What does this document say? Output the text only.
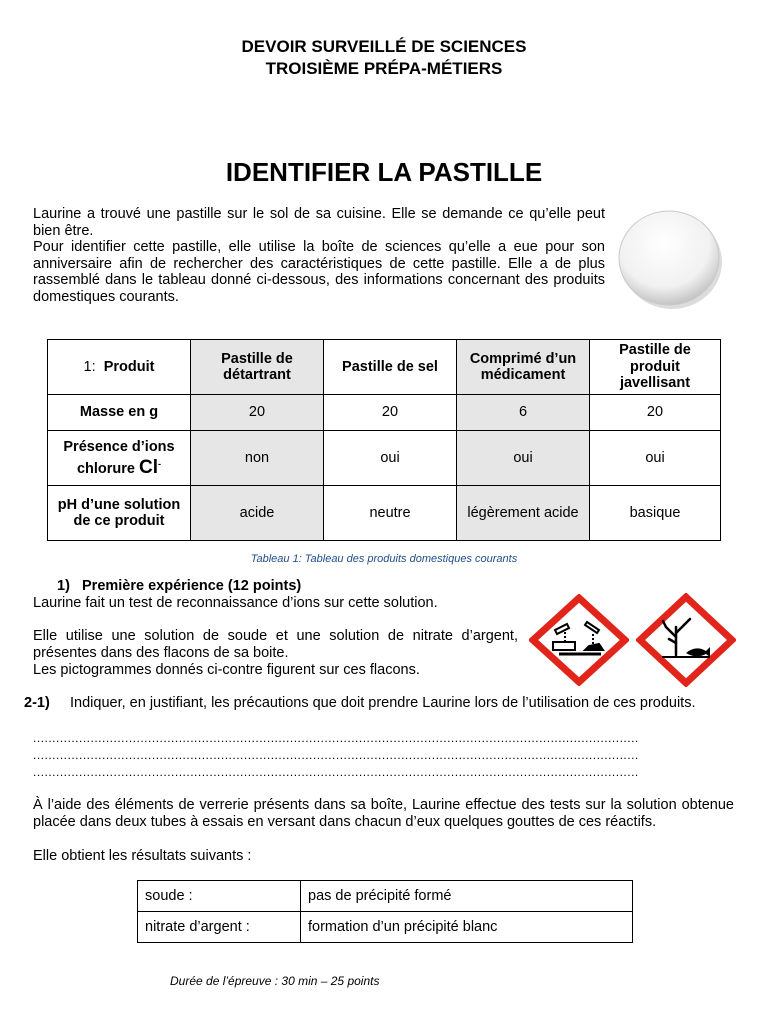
DEVOIR SURVEILLÉ DE SCIENCES
TROISIÈME PRÉPA-MÉTIERS
IDENTIFIER LA PASTILLE
Laurine a trouvé une pastille sur le sol de sa cuisine. Elle se demande ce qu’elle peut bien être.
Pour identifier cette pastille, elle utilise la boîte de sciences qu’elle a eue pour son anniversaire afin de rechercher des caractéristiques de cette pastille. Elle a de plus rassemblé dans le tableau donné ci-dessous, des informations concernant des produits domestiques courants.
1: Produit	Pastille de détartrant	Pastille de sel	Comprimé d’un médicament	Pastille de produit javellisant
Masse en g	20	20	6	20
Présence d’ions chlorure Cl-	non	oui	oui	oui
pH d’une solution de ce produit	acide	neutre	légèrement acide	basique
Tableau 1: Tableau des produits domestiques courants
1) Première expérience (12 points)
Laurine fait un test de reconnaissance d’ions sur cette solution.
Elle utilise une solution de soude et une solution de nitrate d’argent, présentes dans des flacons de sa boite.
Les pictogrammes donnés ci-contre figurent sur ces flacons.
2-1) Indiquer, en justifiant, les précautions que doit prendre Laurine lors de l’utilisation de ces produits.
..............................................................................................................................................................
..............................................................................................................................................................
..............................................................................................................................................................
À l’aide des éléments de verrerie présents dans sa boîte, Laurine effectue des tests sur la solution obtenue placée dans deux tubes à essais en versant dans chacun d’eux quelques gouttes de ces réactifs.
Elle obtient les résultats suivants :
soude :	pas de précipité formé
nitrate d’argent :	formation d’un précipité blanc
Durée de l’épreuve : 30 min – 25 points
